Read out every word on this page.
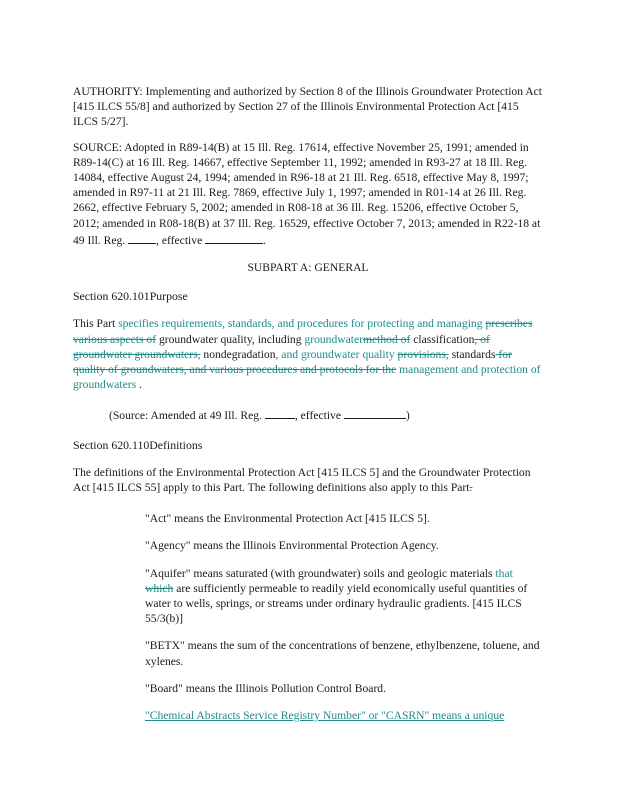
AUTHORITY: Implementing and authorized by Section 8 of the Illinois Groundwater Protection Act [415 ILCS 55/8] and authorized by Section 27 of the Illinois Environmental Protection Act [415 ILCS 5/27].

SOURCE: Adopted in R89-14(B) at 15 Ill. Reg. 17614, effective November 25, 1991; amended in R89-14(C) at 16 Ill. Reg. 14667, effective September 11, 1992; amended in R93-27 at 18 Ill. Reg. 14084, effective August 24, 1994; amended in R96-18 at 21 Ill. Reg. 6518, effective May 8, 1997; amended in R97-11 at 21 Ill. Reg. 7869, effective July 1, 1997; amended in R01-14 at 26 Ill. Reg. 2662, effective February 5, 2002; amended in R08-18 at 36 Ill. Reg. 15206, effective October 5, 2012; amended in R08-18(B) at 37 Ill. Reg. 16529, effective October 7, 2013; amended in R22-18 at 49 Ill. Reg.	, effective	.

SUBPART A: GENERAL
Section 620.101Purpose

This Part specifies requirements, standards, and procedures for protecting and managing prescribes various aspects of groundwater quality, including groundwatermethod of classification, of groundwater groundwaters, nondegradation, and groundwater quality provisions, standards for quality of groundwaters, and various procedures and protocols for the management and protection of groundwaters .

(Source: Amended at 49 Ill. Reg.	, effective	)

Section 620.110Definitions

The definitions of the Environmental Protection Act [415 ILCS 5] and the Groundwater Protection Act [415 ILCS 55] apply to this Part. The following definitions also apply to this Part.

"Act" means the Environmental Protection Act [415 ILCS 5].

"Agency" means the Illinois Environmental Protection Agency.

"Aquifer" means saturated (with groundwater) soils and geologic materials that which are sufficiently permeable to readily yield economically useful quantities of water to wells, springs, or streams under ordinary hydraulic gradients. [415 ILCS 55/3(b)]

"BETX" means the sum of the concentrations of benzene, ethylbenzene, toluene, and xylenes.

"Board" means the Illinois Pollution Control Board.

"Chemical Abstracts Service Registry Number" or "CASRN" means a unique
